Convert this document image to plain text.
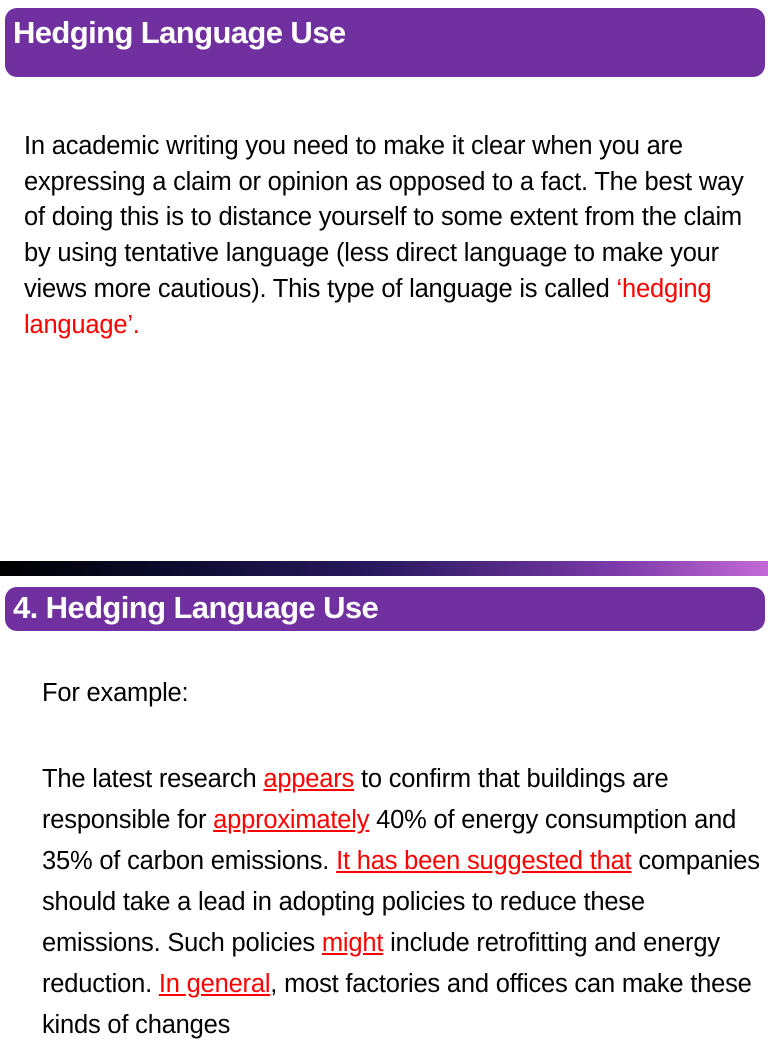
Hedging Language Use

In academic writing you need to make it clear when you are expressing a claim or opinion as opposed to a fact. The best way of doing this is to distance yourself to some extent from the claim by using tentative language (less direct language to make your views more cautious). This type of language is called ‘hedging language’.

4. Hedging Language Use

For example:

The latest research appears to confirm that buildings are responsible for approximately 40% of energy consumption and 35% of carbon emissions. It has been suggested that companies should take a lead in adopting policies to reduce these emissions. Such policies might include retrofitting and energy reduction. In general, most factories and offices can make these kinds of changes
